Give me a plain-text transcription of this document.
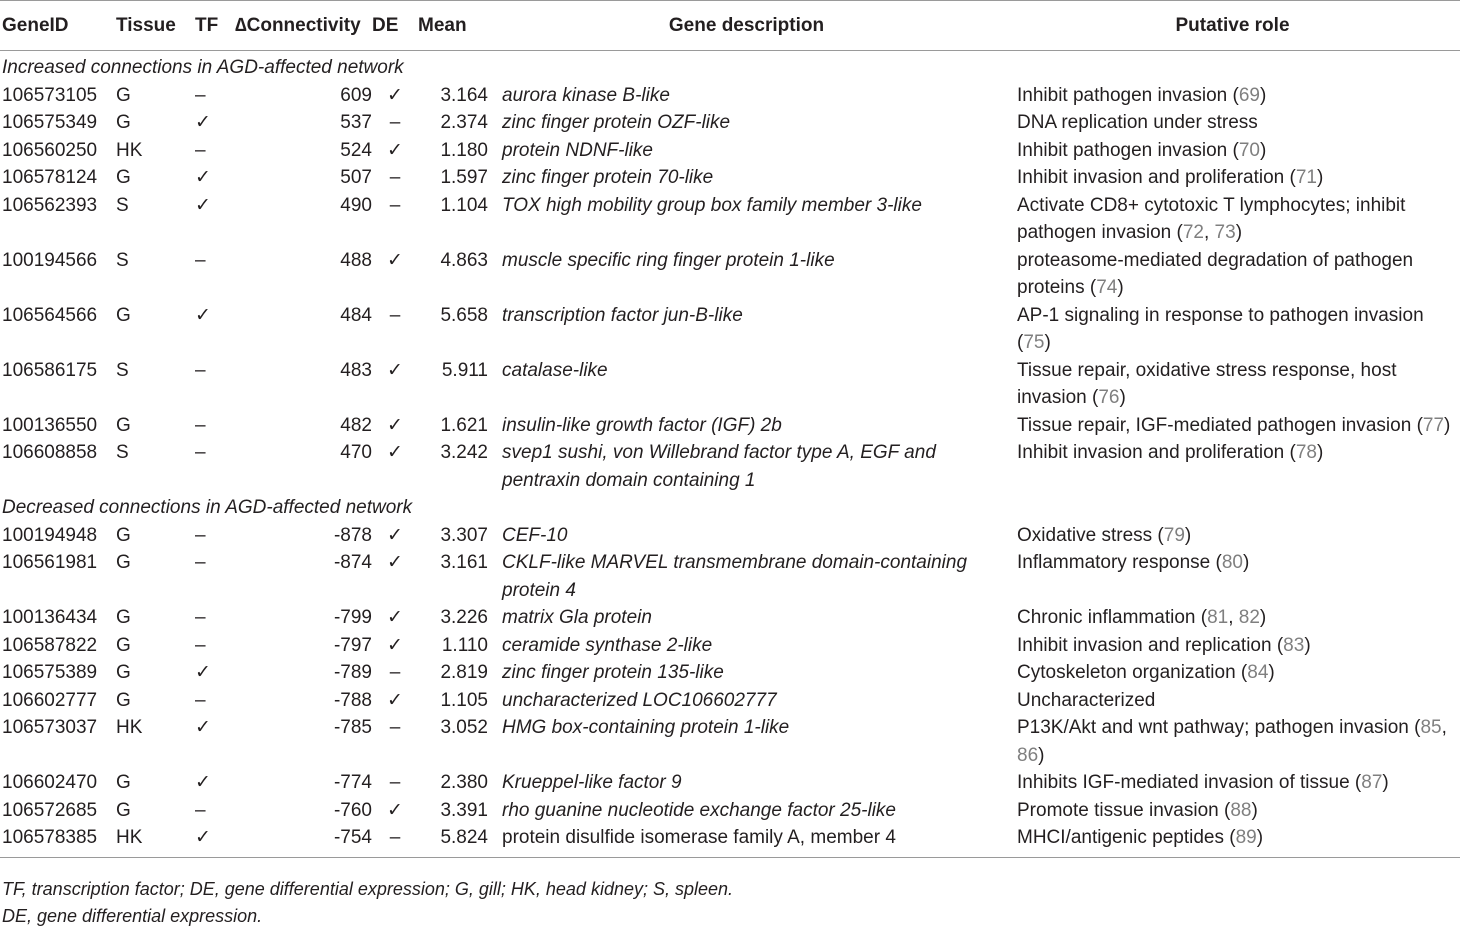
GeneID	Tissue	TF	∆Connectivity	DE	Mean	Gene description	Putative role
Increased connections in AGD-affected network							
106573105	G	–	609	✓	3.164	aurora kinase B-like	Inhibit pathogen invasion (69)
106575349	G	✓	537	–	2.374	zinc finger protein OZF-like	DNA replication under stress
106560250	HK	–	524	✓	1.180	protein NDNF-like	Inhibit pathogen invasion (70)
106578124	G	✓	507	–	1.597	zinc finger protein 70-like	Inhibit invasion and proliferation (71)
106562393	S	✓	490	–	1.104	TOX high mobility group box family member 3-like	Activate CD8+ cytotoxic T lymphocytes; inhibit pathogen invasion (72, 73)
100194566	S	–	488	✓	4.863	muscle specific ring finger protein 1-like	proteasome-mediated degradation of pathogen proteins (74)
106564566	G	✓	484	–	5.658	transcription factor jun-B-like	AP-1 signaling in response to pathogen invasion (75)
106586175	S	–	483	✓	5.911	catalase-like	Tissue repair, oxidative stress response, host invasion (76)
100136550	G	–	482	✓	1.621	insulin-like growth factor (IGF) 2b	Tissue repair, IGF-mediated pathogen invasion (77)
106608858	S	–	470	✓	3.242	svep1 sushi, von Willebrand factor type A, EGF and pentraxin domain containing 1	Inhibit invasion and proliferation (78)
Decreased connections in AGD-affected network							
100194948	G	–	-878	✓	3.307	CEF-10	Oxidative stress (79)
106561981	G	–	-874	✓	3.161	CKLF-like MARVEL transmembrane domain-containing protein 4	Inflammatory response (80)
100136434	G	–	-799	✓	3.226	matrix Gla protein	Chronic inflammation (81, 82)
106587822	G	–	-797	✓	1.110	ceramide synthase 2-like	Inhibit invasion and replication (83)
106575389	G	✓	-789	–	2.819	zinc finger protein 135-like	Cytoskeleton organization (84)
106602777	G	–	-788	✓	1.105	uncharacterized LOC106602777	Uncharacterized
106573037	HK	✓	-785	–	3.052	HMG box-containing protein 1-like	P13K/Akt and wnt pathway; pathogen invasion (85, 86)
106602470	G	✓	-774	–	2.380	Krueppel-like factor 9	Inhibits IGF-mediated invasion of tissue (87)
106572685	G	–	-760	✓	3.391	rho guanine nucleotide exchange factor 25-like	Promote tissue invasion (88)
106578385	HK	✓	-754	–	5.824	protein disulfide isomerase family A, member 4	MHCI/antigenic peptides (89)
TF, transcription factor; DE, gene differential expression; G, gill; HK, head kidney; S, spleen.
DE, gene differential expression.
